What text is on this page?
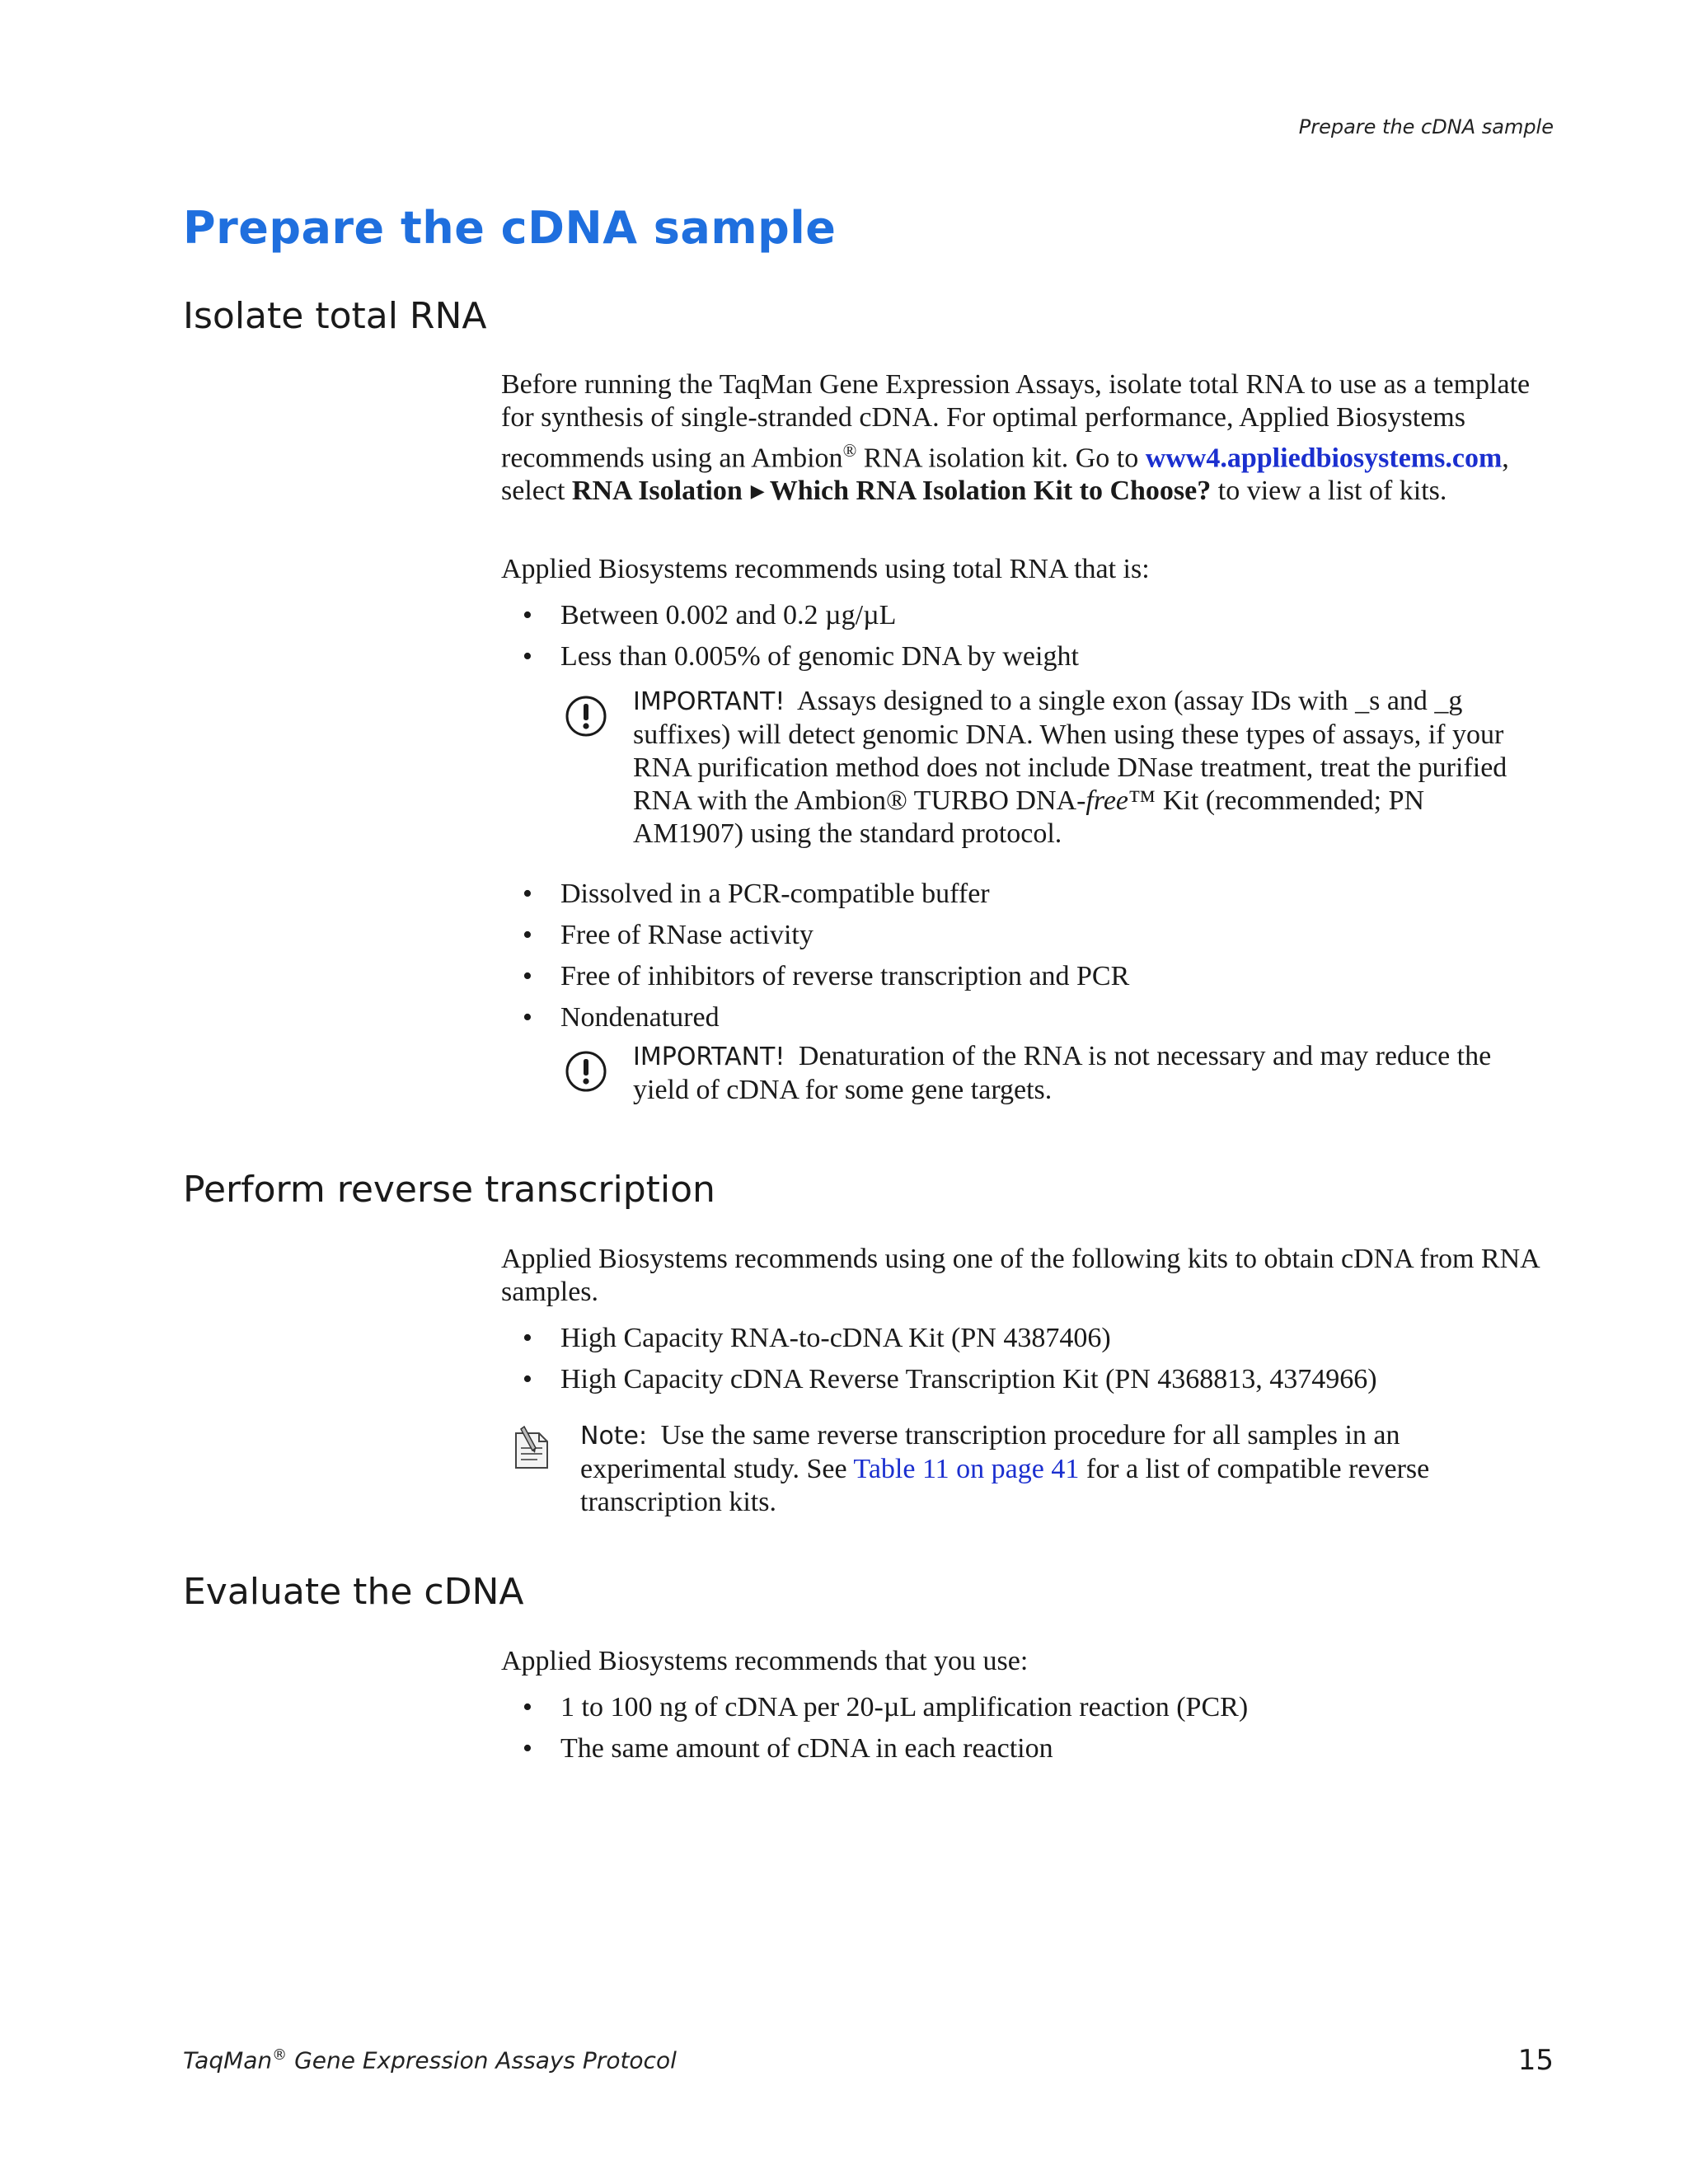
Prepare the cDNA sample
Prepare the cDNA sample
Isolate total RNA

Before running the TaqMan Gene Expression Assays, isolate total RNA to use as a template for synthesis of single-stranded cDNA. For optimal performance, Applied Biosystems recommends using an Ambion® RNA isolation kit. Go to www4.appliedbiosystems.com, select RNA Isolation ▶ Which RNA Isolation Kit to Choose? to view a list of kits.

Applied Biosystems recommends using total RNA that is:

• Between 0.002 and 0.2 µg/µL
• Less than 0.005% of genomic DNA by weight
IMPORTANT! Assays designed to a single exon (assay IDs with _s and _g suffixes) will detect genomic DNA. When using these types of assays, if your RNA purification method does not include DNase treatment, treat the purified RNA with the Ambion® TURBO DNA-free™ Kit (recommended; PN AM1907) using the standard protocol.
• Dissolved in a PCR-compatible buffer
• Free of RNase activity
• Free of inhibitors of reverse transcription and PCR
• Nondenatured
IMPORTANT! Denaturation of the RNA is not necessary and may reduce the yield of cDNA for some gene targets.
Perform reverse transcription

Applied Biosystems recommends using one of the following kits to obtain cDNA from RNA samples.

• High Capacity RNA-to-cDNA Kit (PN 4387406)
• High Capacity cDNA Reverse Transcription Kit (PN 4368813, 4374966)
Note: Use the same reverse transcription procedure for all samples in an experimental study. See Table 11 on page 41 for a list of compatible reverse transcription kits.
Evaluate the cDNA

Applied Biosystems recommends that you use:

• 1 to 100 ng of cDNA per 20-µL amplification reaction (PCR)
• The same amount of cDNA in each reaction
TaqMan® Gene Expression Assays Protocol	15
